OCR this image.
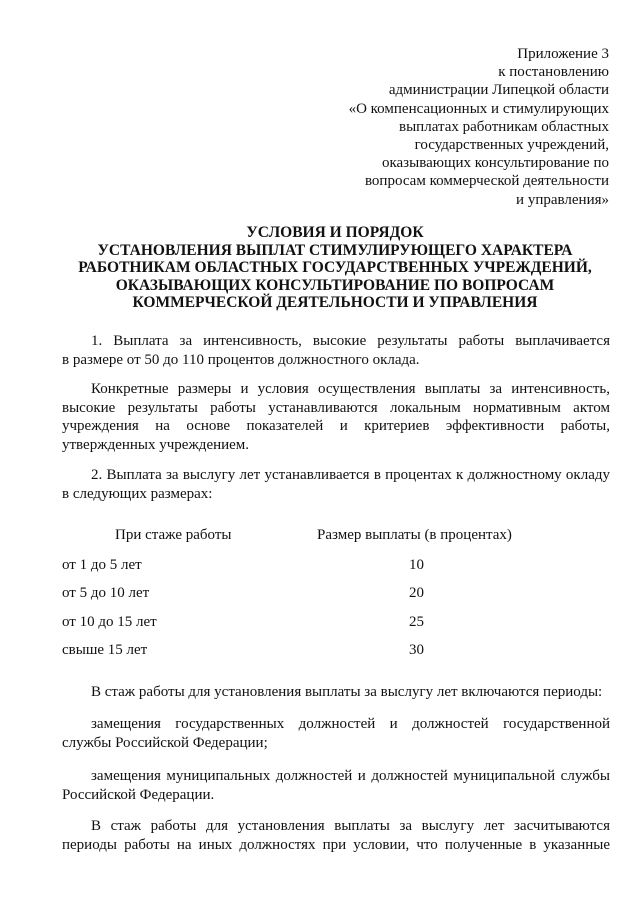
Приложение 3
к постановлению
администрации Липецкой области
«О компенсационных и стимулирующих
выплатах работникам областных
государственных учреждений,
оказывающих консультирование по
вопросам коммерческой деятельности
и управления»
УСЛОВИЯ И ПОРЯДОК
УСТАНОВЛЕНИЯ ВЫПЛАТ СТИМУЛИРУЮЩЕГО ХАРАКТЕРА
РАБОТНИКАМ ОБЛАСТНЫХ ГОСУДАРСТВЕННЫХ УЧРЕЖДЕНИЙ,
ОКАЗЫВАЮЩИХ КОНСУЛЬТИРОВАНИЕ ПО ВОПРОСАМ
КОММЕРЧЕСКОЙ ДЕЯТЕЛЬНОСТИ И УПРАВЛЕНИЯ

1. Выплата за интенсивность, высокие результаты работы выплачивается
в размере от 50 до 110 процентов должностного оклада.

Конкретные размеры и условия осуществления выплаты за интенсивность,
высокие результаты работы устанавливаются локальным нормативным актом
учреждения на основе показателей и критериев эффективности работы,
утвержденных учреждением.

2. Выплата за выслугу лет устанавливается в процентах к должностному окладу
в следующих размерах:

При стаже работы	Размер выплаты (в процентах)
от 1 до 5 лет	10
от 5 до 10 лет	20
от 10 до 15 лет	25
свыше 15 лет	30

В стаж работы для установления выплаты за выслугу лет включаются периоды:

замещения государственных должностей и должностей государственной
службы Российской Федерации;

замещения муниципальных должностей и должностей муниципальной службы
Российской Федерации.

В стаж работы для установления выплаты за выслугу лет засчитываются
периоды работы на иных должностях при условии, что полученные в указанные
